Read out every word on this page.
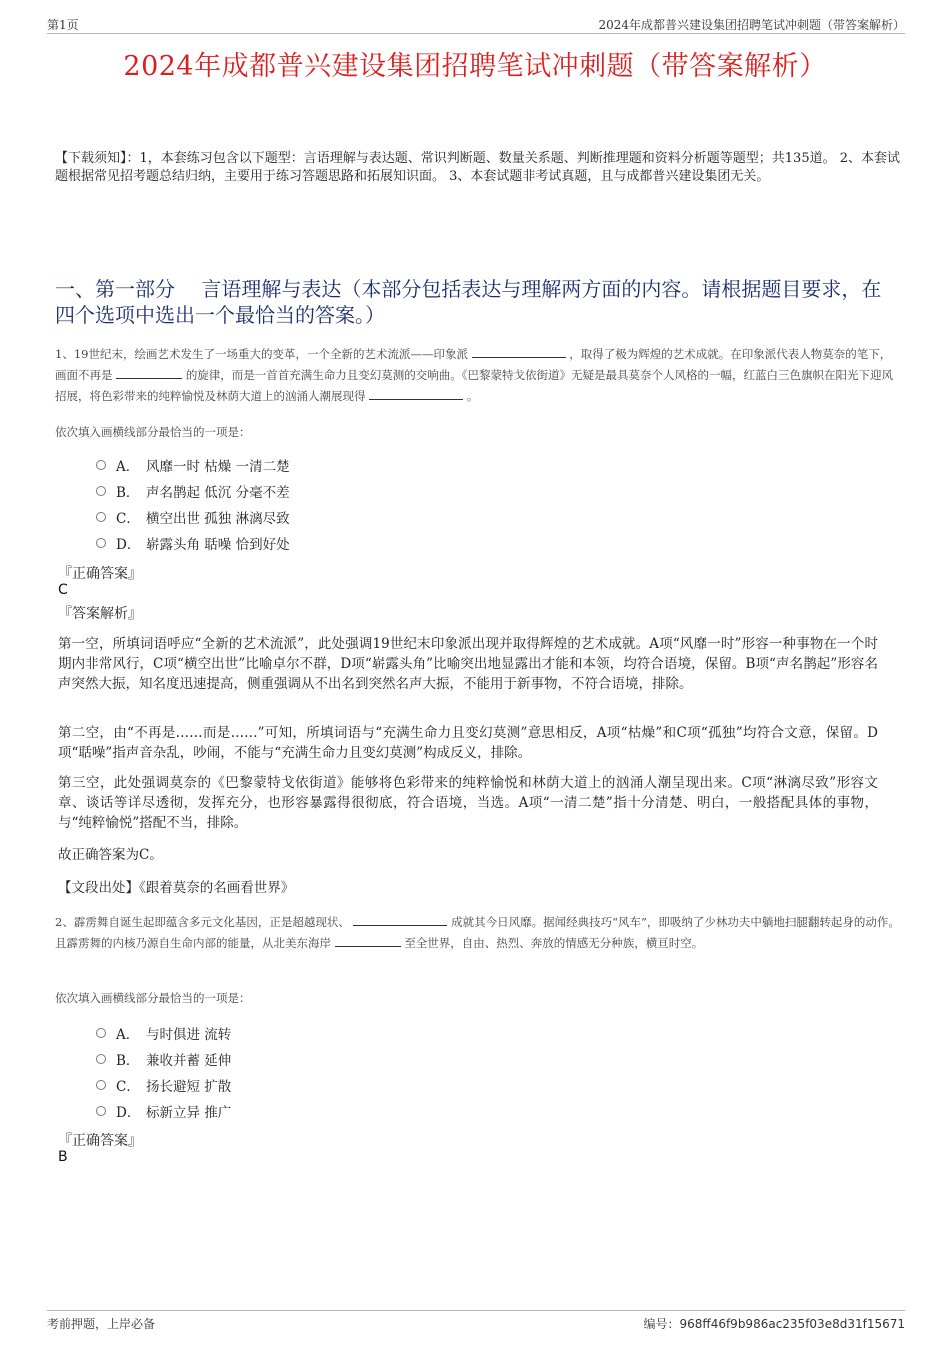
第1页	2024年成都普兴建设集团招聘笔试冲刺题（带答案解析）
2024年成都普兴建设集团招聘笔试冲刺题（带答案解析）
【下载须知】：1，本套练习包含以下题型：言语理解与表达题、常识判断题、数量关系题、判断推理题和资料分析题等题型；共135道。 2、本套试题根据常见招考题总结归纳，主要用于练习答题思路和拓展知识面。 3、本套试题非考试真题，且与成都普兴建设集团无关。
一、第一部分　 言语理解与表达（本部分包括表达与理解两方面的内容。请根据题目要求，在四个选项中选出一个最恰当的答案。）
1、19世纪末，绘画艺术发生了一场重大的变革，一个全新的艺术流派——印象派	，取得了极为辉煌的艺术成就。在印象派代表人物莫奈的笔下，画面不再是	的旋律，而是一首首充满生命力且变幻莫测的交响曲。《巴黎蒙特戈依街道》无疑是最具莫奈个人风格的一幅，红蓝白三色旗帜在阳光下迎风招展，将色彩带来的纯粹愉悦及林荫大道上的汹涌人潮展现得	。
依次填入画横线部分最恰当的一项是：
A． 风靡一时 枯燥 一清二楚
B． 声名鹊起 低沉 分毫不差
C． 横空出世 孤独 淋漓尽致
D． 崭露头角 聒噪 恰到好处
『正确答案』
C
『答案解析』
第一空，所填词语呼应“全新的艺术流派”，此处强调19世纪末印象派出现并取得辉煌的艺术成就。A项“风靡一时”形容一种事物在一个时期内非常风行，C项“横空出世”比喻卓尔不群，D项“崭露头角”比喻突出地显露出才能和本领，均符合语境，保留。B项“声名鹊起”形容名声突然大振，知名度迅速提高，侧重强调从不出名到突然名声大振，不能用于新事物，不符合语境，排除。
第二空，由“不再是……而是……”可知，所填词语与“充满生命力且变幻莫测”意思相反，A项“枯燥”和C项“孤独”均符合文意，保留。D项“聒噪”指声音杂乱，吵闹，不能与“充满生命力且变幻莫测”构成反义，排除。
第三空，此处强调莫奈的《巴黎蒙特戈依街道》能够将色彩带来的纯粹愉悦和林荫大道上的汹涌人潮呈现出来。C项“淋漓尽致”形容文章、谈话等详尽透彻，发挥充分，也形容暴露得很彻底，符合语境，当选。A项“一清二楚”指十分清楚、明白，一般搭配具体的事物，与“纯粹愉悦”搭配不当，排除。
故正确答案为C。
【文段出处】《跟着莫奈的名画看世界》
2、霹雳舞自诞生起即蕴含多元文化基因，正是超越现状、	成就其今日风靡。据闻经典技巧“风车”，即吸纳了少林功夫中躺地扫腿翻转起身的动作。且霹雳舞的内核乃源自生命内部的能量，从北美东海岸	至全世界，自由、热烈、奔放的情感无分种族，横亘时空。
依次填入画横线部分最恰当的一项是：
A． 与时俱进 流转
B． 兼收并蓄 延伸
C． 扬长避短 扩散
D． 标新立异 推广
『正确答案』
B
考前押题，上岸必备	编号：968ff46f9b986ac235f03e8d31f15671
